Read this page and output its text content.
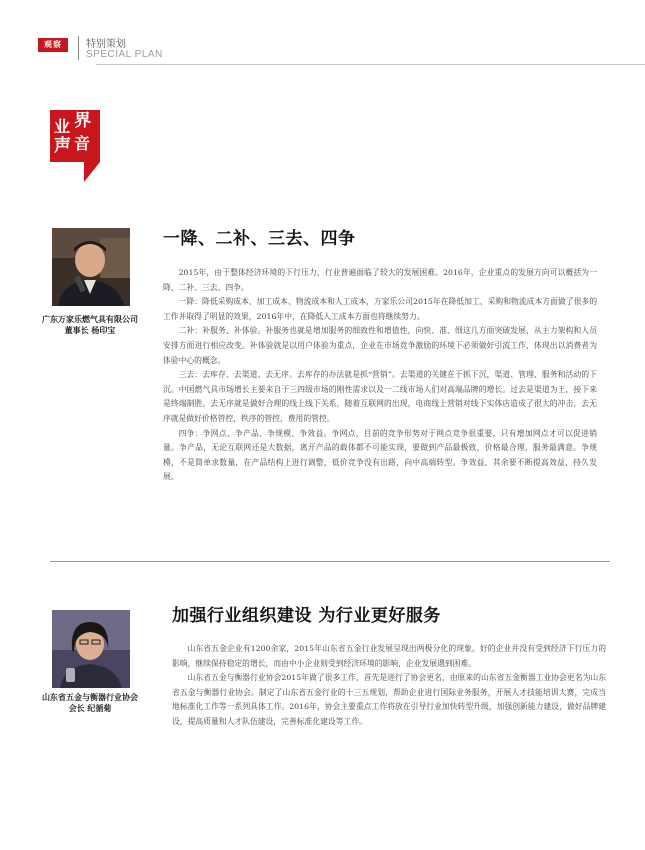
观察	特别策划
SPECIAL PLAN
业 界
声 音
广东万家乐燃气具有限公司
董事长 杨印宝
一降、二补、三去、四争

2015年，由于整体经济环境的下行压力，行业普遍面临了较大的发展困难。2016年，企业重点的发展方向可以概括为一降、二补、三去、四争。

一降：降低采购成本、加工成本、物流成本和人工成本，万家乐公司2015年在降低加工、采购和物流成本方面做了很多的工作并取得了明显的效果，2016年中，在降低人工成本方面也将继续努力。

二补：补服务、补体验。补服务也就是增加服务的细致性和增值性，向快、准、细这几方面突破发展，从主力架构和人员安排方面进行相应改变。补体验就是以用户体验为重点，企业在市场竞争激励的环境下必须做好引流工作，体现出以消费者为体验中心的概念。

三去：去库存、去渠道、去无序。去库存的办法就是抓“营销”。去渠道的关键在于抓下沉，渠道、管理、服务和活动的下沉。中国燃气具市场增长主要来自于三四级市场的刚性需求以及一二线市场人们对高端品牌的增长。过去是渠道为王，接下来是终端制胜。去无序就是做好合理的线上线下关系，随着互联网的出现，电商线上营销对线下实体店造成了很大的冲击，去无序就是做好价格管控，秩序的管控，费用的管控。

四争：争网点、争产品、争规模、争效益。争网点，目前的竞争形势对于网点竞争很重要，只有增加网点才可以促进销量。争产品，无论互联网还是大数据，离开产品的载体都不可能实现，要做到产品最极致，价格最合理，服务最满意。争规模，不是简单求数量，在产品结构上进行调整，低价竞争没有出路，向中高端转型。争效益，其余要不断提高效益，持久发展。

山东省五金与衡器行业协会
会长 纪循菊
加强行业组织建设 为行业更好服务

山东省五金企业有1200余家，2015年山东省五金行业发展呈现出两极分化的现象。好的企业并没有受到经济下行压力的影响，继续保持稳定的增长，而由中小企业则受到经济环境的影响，企业发展遇到困难。

山东省五金与衡器行业协会2015年做了很多工作，首先是进行了协会更名，由原来的山东省五金衡器工业协会更名为山东省五金与衡器行业协会。制定了山东省五金行业的十三五规划，帮助企业进行国际业务服务，开展人才技能培训大赛，完成当地标准化工作等一系列具体工作。2016年，协会主要重点工作将放在引导行业加快转型升级，加强创新能力建设，做好品牌建设，提高质量和人才队伍建设，完善标准化建设等工作。
